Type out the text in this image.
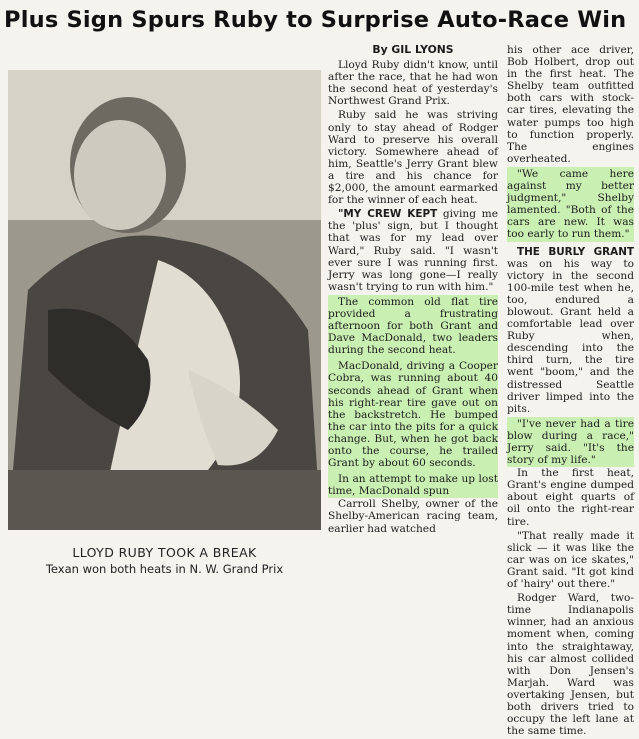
Plus Sign Spurs Ruby to Surprise Auto-Race Win
LLOYD RUBY TOOK A BREAK
Texan won both heats in N. W. Grand Prix
By GIL LYONS

Lloyd Ruby didn't know, until after the race, that he had won the second heat of yesterday's Northwest Grand Prix.

Ruby said he was striving only to stay ahead of Rodger Ward to preserve his overall victory. Somewhere ahead of him, Seattle's Jerry Grant blew a tire and his chance for $2,000, the amount earmarked for the winner of each heat.

"MY CREW KEPT giving me the 'plus' sign, but I thought that was for my lead over Ward," Ruby said. "I wasn't ever sure I was running first. Jerry was long gone—I really wasn't trying to run with him."

The common old flat tire provided a frustrating afternoon for both Grant and Dave MacDonald, two leaders during the second heat.

MacDonald, driving a Cooper Cobra, was running about 40 seconds ahead of Grant when his right-rear tire gave out on the backstretch. He bumped the car into the pits for a quick change. But, when he got back onto the course, he trailed Grant by about 60 seconds.

In an attempt to make up lost time, MacDonald spun

Carroll Shelby, owner of the Shelby-American racing team, earlier had watched

his other ace driver, Bob Holbert, drop out in the first heat. The Shelby team outfitted both cars with stock-car tires, elevating the water pumps too high to function properly. The engines overheated.

"We came here against my better judgment," Shelby lamented. "Both of the cars are new. It was too early to run them."

THE BURLY GRANT was on his way to victory in the second 100-mile test when he, too, endured a blowout. Grant held a comfortable lead over Ruby when, descending into the third turn, the tire went "boom," and the distressed Seattle driver limped into the pits.

"I've never had a tire blow during a race," Jerry said. "It's the story of my life."

In the first heat, Grant's engine dumped about eight quarts of oil onto the right-rear tire.

"That really made it slick — it was like the car was on ice skates," Grant said. "It got kind of 'hairy' out there."

Rodger Ward, two-time Indianapolis winner, had an anxious moment when, coming into the straightaway, his car almost collided with Don Jensen's Marjah. Ward was overtaking Jensen, but both drivers tried to occupy the left lane at the same time.
